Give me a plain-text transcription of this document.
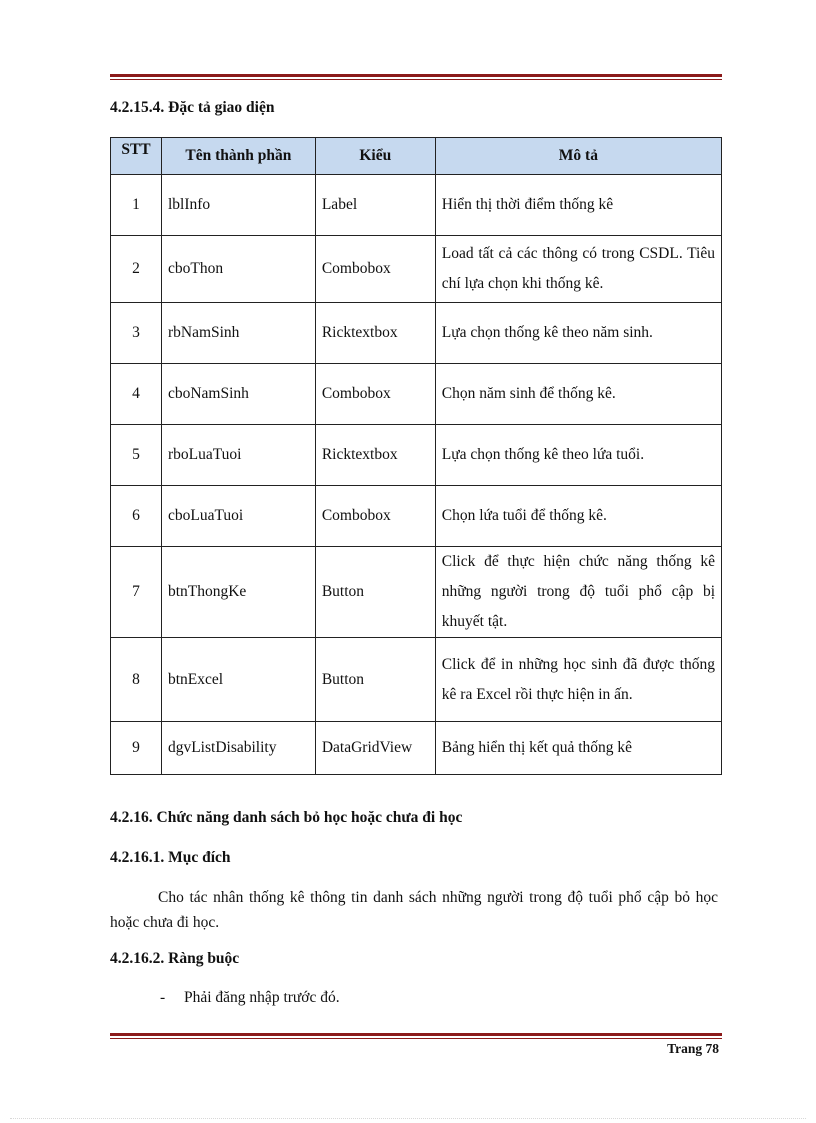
4.2.15.4. Đặc tả giao diện
STT	Tên thành phần	Kiểu	Mô tả
1	lblInfo	Label	Hiển thị thời điểm thống kê
2	cboThon	Combobox	Load tất cả các thông có trong CSDL. Tiêu chí lựa chọn khi thống kê.
3	rbNamSinh	Ricktextbox	Lựa chọn thống kê theo năm sinh.
4	cboNamSinh	Combobox	Chọn năm sinh để thống kê.
5	rboLuaTuoi	Ricktextbox	Lựa chọn thống kê theo lứa tuổi.
6	cboLuaTuoi	Combobox	Chọn lứa tuổi để thống kê.
7	btnThongKe	Button	Click để thực hiện chức năng thống kê những người trong độ tuổi phổ cập bị khuyết tật.
8	btnExcel	Button	Click để in những học sinh đã được thống kê ra Excel rồi thực hiện in ấn.
9	dgvListDisability	DataGridView	Bảng hiển thị kết quả thống kê
4.2.16. Chức năng danh sách bỏ học hoặc chưa đi học
4.2.16.1. Mục đích

Cho tác nhân thống kê thông tin danh sách những người trong độ tuổi phổ cập bỏ học hoặc chưa đi học.

4.2.16.2. Ràng buộc

- Phải đăng nhập trước đó.

Trang 78
